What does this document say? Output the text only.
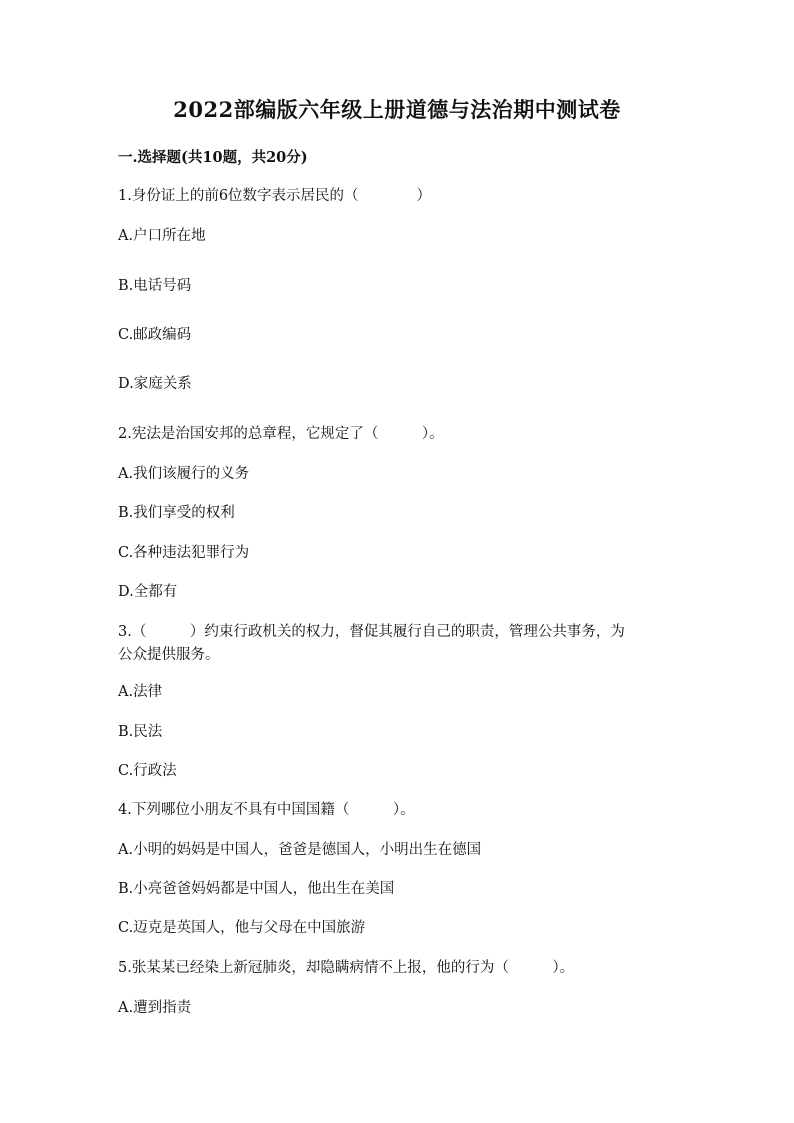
2022部编版六年级上册道德与法治期中测试卷
一.选择题(共10题，共20分)
1.身份证上的前6位数字表示居民的（　　　　）
A.户口所在地
B.电话号码
C.邮政编码
D.家庭关系
2.宪法是治国安邦的总章程，它规定了（　　　）。
A.我们该履行的义务
B.我们享受的权利
C.各种违法犯罪行为
D.全都有
3.（　　　）约束行政机关的权力，督促其履行自己的职责，管理公共事务，为
公众提供服务。
A.法律
B.民法
C.行政法
4.下列哪位小朋友不具有中国国籍（　　　）。
A.小明的妈妈是中国人，爸爸是德国人，小明出生在德国
B.小亮爸爸妈妈都是中国人，他出生在美国
C.迈克是英国人，他与父母在中国旅游
5.张某某已经染上新冠肺炎，却隐瞒病情不上报，他的行为（　　　）。
A.遭到指责
